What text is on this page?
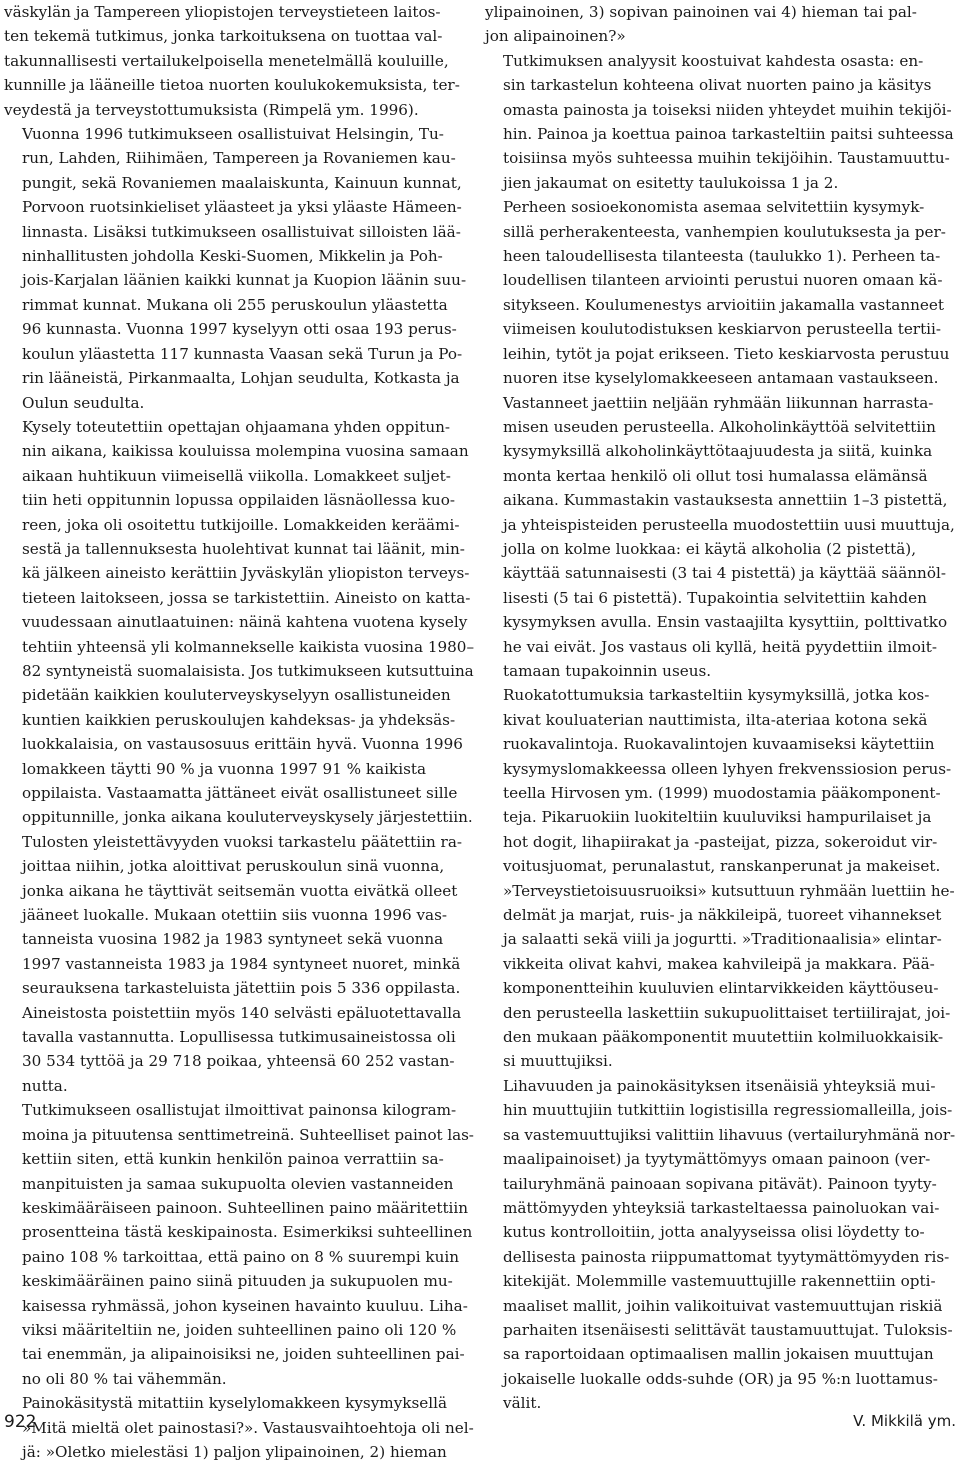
väskylän ja Tampereen yliopistojen terveystieteen laitos-
ten tekemä tutkimus, jonka tarkoituksena on tuottaa val-
takunnallisesti vertailukelpoisella menetelmällä kouluille,
kunnille ja lääneille tietoa nuorten koulukokemuksista, ter-
veydestä ja terveystottumuksista (Rimpelä ym. 1996).

Vuonna 1996 tutkimukseen osallistuivat Helsingin, Tu-
run, Lahden, Riihimäen, Tampereen ja Rovaniemen kau-
pungit, sekä Rovaniemen maalaiskunta, Kainuun kunnat,
Porvoon ruotsinkieliset yläasteet ja yksi yläaste Hämeen-
linnasta. Lisäksi tutkimukseen osallistuivat silloisten lää-
ninhallitusten johdolla Keski-Suomen, Mikkelin ja Poh-
jois-Karjalan läänien kaikki kunnat ja Kuopion läänin suu-
rimmat kunnat. Mukana oli 255 peruskoulun yläastetta
96 kunnasta. Vuonna 1997 kyselyyn otti osaa 193 perus-
koulun yläastetta 117 kunnasta Vaasan sekä Turun ja Po-
rin lääneistä, Pirkanmaalta, Lohjan seudulta, Kotkasta ja
Oulun seudulta.

Kysely toteutettiin opettajan ohjaamana yhden oppitun-
nin aikana, kaikissa kouluissa molempina vuosina samaan
aikaan huhtikuun viimeisellä viikolla. Lomakkeet suljet-
tiin heti oppitunnin lopussa oppilaiden läsnäollessa kuo-
reen, joka oli osoitettu tutkijoille. Lomakkeiden keräämi-
sestä ja tallennuksesta huolehtivat kunnat tai läänit, min-
kä jälkeen aineisto kerättiin Jyväskylän yliopiston terveys-
tieteen laitokseen, jossa se tarkistettiin. Aineisto on katta-
vuudessaan ainutlaatuinen: näinä kahtena vuotena kysely
tehtiin yhteensä yli kolmannekselle kaikista vuosina 1980–
82 syntyneistä suomalaisista. Jos tutkimukseen kutsuttuina
pidetään kaikkien kouluterveyskyselyyn osallistuneiden
kuntien kaikkien peruskoulujen kahdeksas- ja yhdeksäs-
luokkalaisia, on vastausosuus erittäin hyvä. Vuonna 1996
lomakkeen täytti 90 % ja vuonna 1997 91 % kaikista
oppilaista. Vastaamatta jättäneet eivät osallistuneet sille
oppitunnille, jonka aikana kouluterveyskysely järjestettiin.

Tulosten yleistettävyyden vuoksi tarkastelu päätettiin ra-
joittaa niihin, jotka aloittivat peruskoulun sinä vuonna,
jonka aikana he täyttivät seitsemän vuotta eivätkä olleet
jääneet luokalle. Mukaan otettiin siis vuonna 1996 vas-
tanneista vuosina 1982 ja 1983 syntyneet sekä vuonna
1997 vastanneista 1983 ja 1984 syntyneet nuoret, minkä
seurauksena tarkasteluista jätettiin pois 5 336 oppilasta.
Aineistosta poistettiin myös 140 selvästi epäluotettavalla
tavalla vastannutta. Lopullisessa tutkimusaineistossa oli
30 534 tyttöä ja 29 718 poikaa, yhteensä 60 252 vastan-
nutta.

Tutkimukseen osallistujat ilmoittivat painonsa kilogram-
moina ja pituutensa senttimetreinä. Suhteelliset painot las-
kettiin siten, että kunkin henkilön painoa verrattiin sa-
manpituisten ja samaa sukupuolta olevien vastanneiden
keskimääräiseen painoon. Suhteellinen paino määritettiin
prosentteina tästä keskipainosta. Esimerkiksi suhteellinen
paino 108 % tarkoittaa, että paino on 8 % suurempi kuin
keskimääräinen paino siinä pituuden ja sukupuolen mu-
kaisessa ryhmässä, johon kyseinen havainto kuuluu. Liha-
viksi määriteltiin ne, joiden suhteellinen paino oli 120 %
tai enemmän, ja alipainoisiksi ne, joiden suhteellinen pai-
no oli 80 % tai vähemmän.

Painokäsitystä mitattiin kyselylomakkeen kysymyksellä
»Mitä mieltä olet painostasi?». Vastausvaihtoehtoja oli nel-
jä: »Oletko mielestäsi 1) paljon ylipainoinen, 2) hieman

ylipainoinen, 3) sopivan painoinen vai 4) hieman tai pal-
jon alipainoinen?»

Tutkimuksen analyysit koostuivat kahdesta osasta: en-
sin tarkastelun kohteena olivat nuorten paino ja käsitys
omasta painosta ja toiseksi niiden yhteydet muihin tekijöi-
hin. Painoa ja koettua painoa tarkasteltiin paitsi suhteessa
toisiinsa myös suhteessa muihin tekijöihin. Taustamuuttu-
jien jakaumat on esitetty taulukoissa 1 ja 2.

Perheen sosioekonomista asemaa selvitettiin kysymyk-
sillä perherakenteesta, vanhempien koulutuksesta ja per-
heen taloudellisesta tilanteesta (taulukko 1). Perheen ta-
loudellisen tilanteen arviointi perustui nuoren omaan kä-
sitykseen. Koulumenestys arvioitiin jakamalla vastanneet
viimeisen koulutodistuksen keskiarvon perusteella tertii-
leihin, tytöt ja pojat erikseen. Tieto keskiarvosta perustuu
nuoren itse kyselylomakkeeseen antamaan vastaukseen.

Vastanneet jaettiin neljään ryhmään liikunnan harrasta-
misen useuden perusteella. Alkoholinkäyttöä selvitettiin
kysymyksillä alkoholinkäyttötaajuudesta ja siitä, kuinka
monta kertaa henkilö oli ollut tosi humalassa elämänsä
aikana. Kummastakin vastauksesta annettiin 1–3 pistettä,
ja yhteispisteiden perusteella muodostettiin uusi muuttuja,
jolla on kolme luokkaa: ei käytä alkoholia (2 pistettä),
käyttää satunnaisesti (3 tai 4 pistettä) ja käyttää säännöl-
lisesti (5 tai 6 pistettä). Tupakointia selvitettiin kahden
kysymyksen avulla. Ensin vastaajilta kysyttiin, polttivatko
he vai eivät. Jos vastaus oli kyllä, heitä pyydettiin ilmoit-
tamaan tupakoinnin useus.

Ruokatottumuksia tarkasteltiin kysymyksillä, jotka kos-
kivat kouluaterian nauttimista, ilta-ateriaa kotona sekä
ruokavalintoja. Ruokavalintojen kuvaamiseksi käytettiin
kysymyslomakkeessa olleen lyhyen frekvenssiosion perus-
teella Hirvosen ym. (1999) muodostamia pääkomponent-
teja. Pikaruokiin luokiteltiin kuuluviksi hampurilaiset ja
hot dogit, lihapiirakat ja -pasteijat, pizza, sokeroidut vir-
voitusjuomat, perunalastut, ranskanperunat ja makeiset.
»Terveystietoisuusruoiksi» kutsuttuun ryhmään luettiin he-
delmät ja marjat, ruis- ja näkkileipä, tuoreet vihannekset
ja salaatti sekä viili ja jogurtti. »Traditionaalisia» elintar-
vikkeita olivat kahvi, makea kahvileipä ja makkara. Pää-
komponentteihin kuuluvien elintarvikkeiden käyttöuseu-
den perusteella laskettiin sukupuolittaiset tertiilirajat, joi-
den mukaan pääkomponentit muutettiin kolmiluokkaisik-
si muuttujiksi.

Lihavuuden ja painokäsityksen itsenäisiä yhteyksiä mui-
hin muuttujiin tutkittiin logistisilla regressiomalleilla, jois-
sa vastemuuttujiksi valittiin lihavuus (vertailuryhmänä nor-
maalipainoiset) ja tyytymättömyys omaan painoon (ver-
tailuryhmänä painoaan sopivana pitävät). Painoon tyyty-
mättömyyden yhteyksiä tarkasteltaessa painoluokan vai-
kutus kontrolloitiin, jotta analyyseissa olisi löydetty to-
dellisesta painosta riippumattomat tyytymättömyyden ris-
kitekijät. Molemmille vastemuuttujille rakennettiin opti-
maaliset mallit, joihin valikoituivat vastemuuttujan riskiä
parhaiten itsenäisesti selittävät taustamuuttujat. Tuloksis-
sa raportoidaan optimaalisen mallin jokaisen muuttujan
jokaiselle luokalle odds-suhde (OR) ja 95 %:n luottamus-
välit.

922	V. Mikkilä ym.
